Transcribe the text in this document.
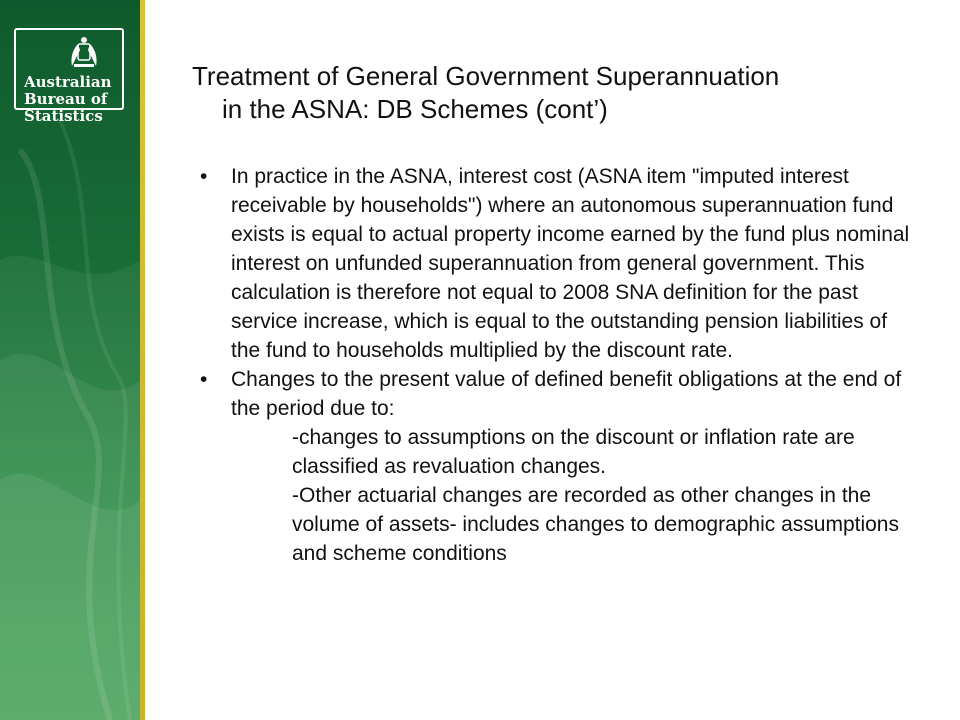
Australian
Bureau of
Statistics
Treatment of General Government Superannuation
in the ASNA: DB Schemes (cont’)

• In practice in the ASNA, interest cost (ASNA item "imputed interest receivable by households") where an autonomous superannuation fund exists is equal to actual property income earned by the fund plus nominal interest on unfunded superannuation from general government. This calculation is therefore not equal to 2008 SNA definition for the past service increase, which is equal to the outstanding pension liabilities of the fund to households multiplied by the discount rate.

• Changes to the present value of defined benefit obligations at the end of the period due to:

-changes to assumptions on the discount or inflation rate are classified as revaluation changes.

-Other actuarial changes are recorded as other changes in the volume of assets- includes changes to demographic assumptions and scheme conditions
